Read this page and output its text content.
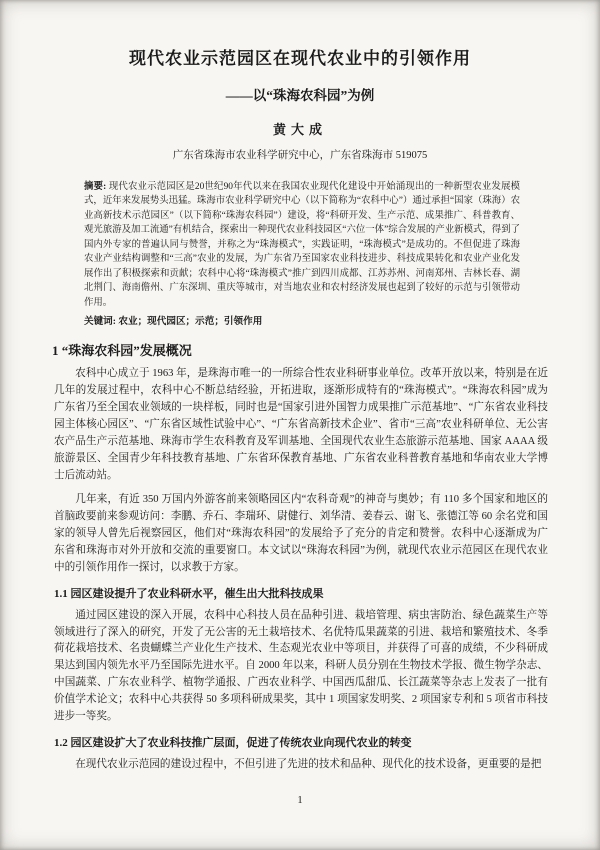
现代农业示范园区在现代农业中的引领作用
——以“珠海农科园”为例
黄大成
广东省珠海市农业科学研究中心，广东省珠海市 519075

摘要: 现代农业示范园区是20世纪90年代以来在我国农业现代化建设中开始涌现出的一种新型农业发展模式，近年来发展势头迅猛。珠海市农业科学研究中心（以下简称为“农科中心”）通过承担“国家（珠海）农业高新技术示范园区”（以下简称“珠海农科园”）建设，将“科研开发、生产示范、成果推广、科普教育、观光旅游及加工流通”有机结合，探索出一种现代农业科技园区“六位一体”综合发展的产业新模式，得到了国内外专家的普遍认同与赞誉，并称之为“珠海模式”，实践证明，“珠海模式”是成功的。不但促进了珠海农业产业结构调整和“三高”农业的发展，为广东省乃至国家农业科技进步、科技成果转化和农业产业化发展作出了积极探索和贡献；农科中心将“珠海模式”推广到四川成都、江苏苏州、河南郑州、吉林长春、湖北荆门、海南儋州、广东深圳、重庆等城市，对当地农业和农村经济发展也起到了较好的示范与引领带动作用。

关键词: 农业；现代园区；示范；引领作用

1 “珠海农科园”发展概况

农科中心成立于 1963 年，是珠海市唯一的一所综合性农业科研事业单位。改革开放以来，特别是在近几年的发展过程中，农科中心不断总结经验，开拓进取，逐渐形成特有的“珠海模式”。“珠海农科园”成为广东省乃至全国农业领域的一块样板，同时也是“国家引进外国智力成果推广示范基地”、“广东省农业科技园主体核心园区”、“广东省区域性试验中心”、“广东省高新技术企业”、省市“三高”农业科研单位、无公害农产品生产示范基地、珠海市学生农科教育及军训基地、全国现代农业生态旅游示范基地、国家 AAAA 级旅游景区、全国青少年科技教育基地、广东省环保教育基地、广东省农业科普教育基地和华南农业大学博士后流动站。

几年来，有近 350 万国内外游客前来领略园区内“农科奇观”的神奇与奥妙；有 110 多个国家和地区的首脑政要前来参观访问：李鹏、乔石、李瑞环、尉健行、刘华清、姜春云、谢飞、张德江等 60 余名党和国家的领导人曾先后视察园区，他们对“珠海农科园”的发展给予了充分的肯定和赞誉。农科中心逐渐成为广东省和珠海市对外开放和交流的重要窗口。本文试以“珠海农科园”为例，就现代农业示范园区在现代农业中的引领作用作一探讨，以求教于方家。

1.1 园区建设提升了农业科研水平，催生出大批科技成果

通过园区建设的深入开展，农科中心科技人员在品种引进、栽培管理、病虫害防治、绿色蔬菜生产等领域进行了深入的研究，开发了无公害的无土栽培技术、名优特瓜果蔬菜的引进、栽培和繁殖技术、冬季荷花栽培技术、名贵蝴蝶兰产业化生产技术、生态观光农业中等项目，并获得了可喜的成绩，不少科研成果达到国内领先水平乃至国际先进水平。自 2000 年以来，科研人员分别在生物技术学报、微生物学杂志、中国蔬菜、广东农业科学、植物学通报、广西农业科学、中国西瓜甜瓜、长江蔬菜等杂志上发表了一批有价值学术论文；农科中心共获得 50 多项科研成果奖，其中 1 项国家发明奖、2 项国家专利和 5 项省市科技进步一等奖。

1.2 园区建设扩大了农业科技推广层面，促进了传统农业向现代农业的转变

在现代农业示范园的建设过程中，不但引进了先进的技术和品种、现代化的技术设备，更重要的是把

1
